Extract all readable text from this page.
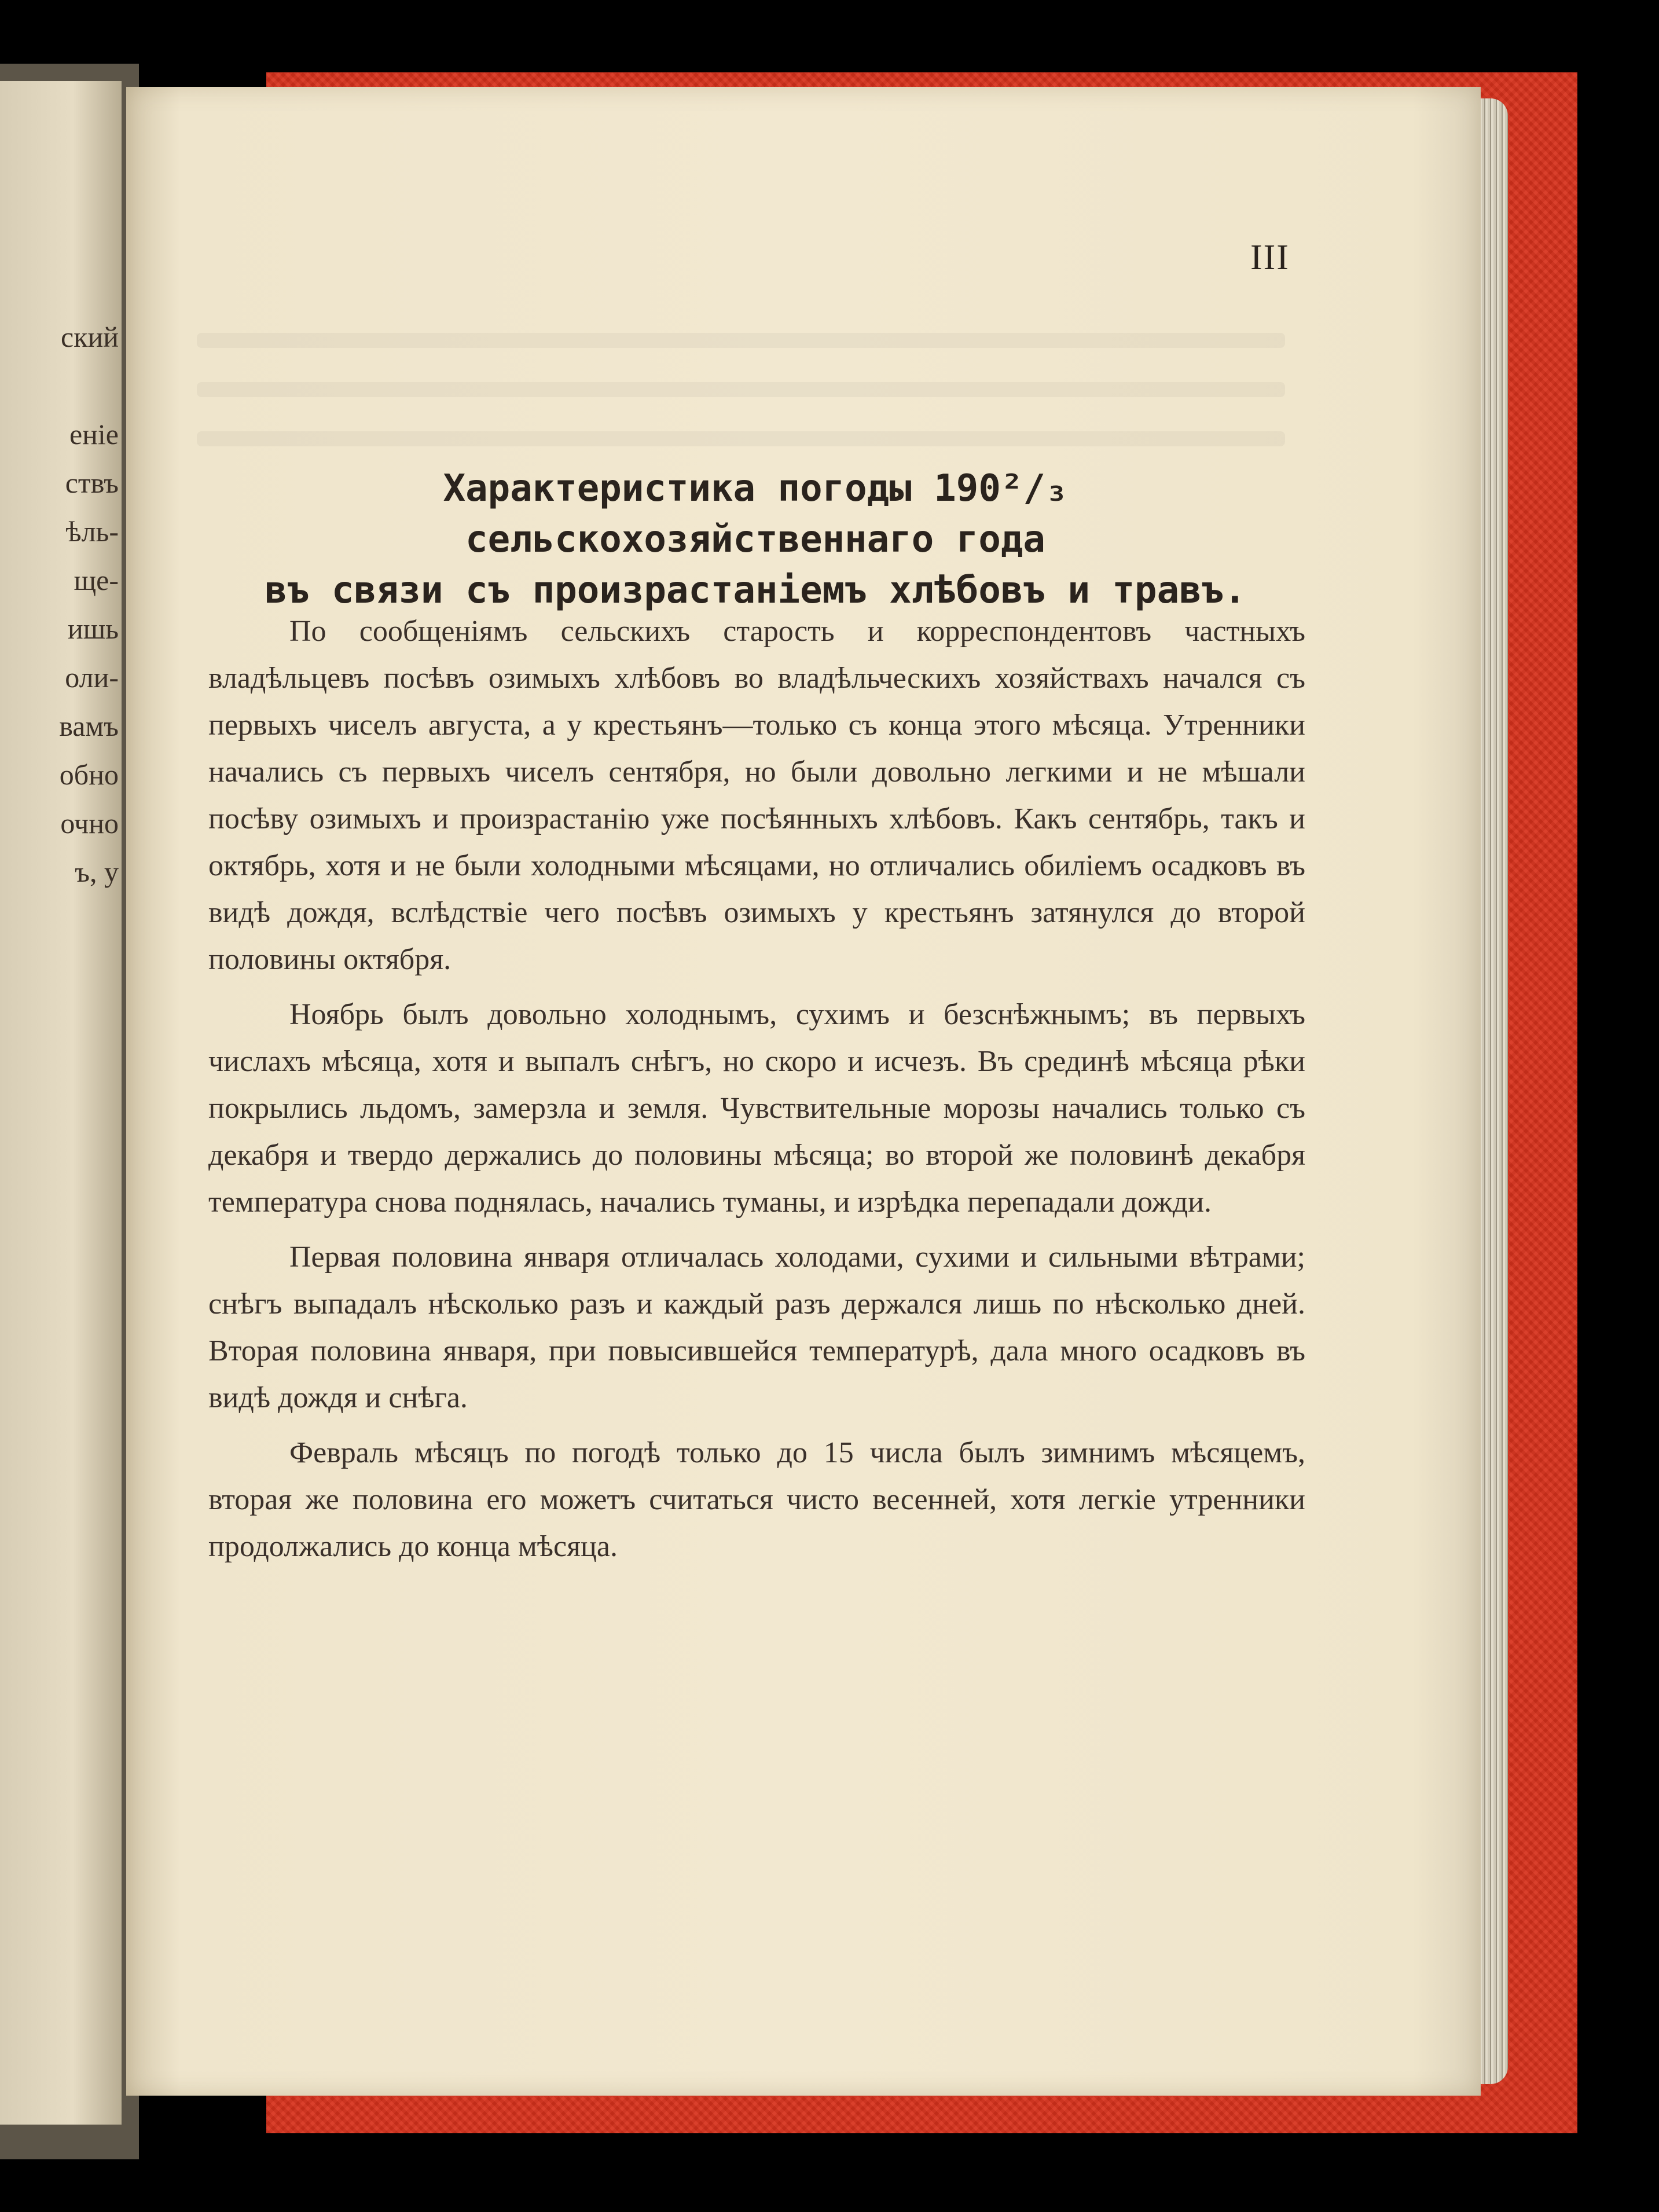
ский
еніе
ствъ
ѣль-
ще-
ишь
оли-
вамъ
обно
очно
ъ, у
III
Характеристика погоды 190²/₃ сельскохозяйственнаго года
въ связи съ произрастаніемъ хлѣбовъ и травъ.

По сообщеніямъ сельскихъ старость и корреспондентовъ частныхъ владѣльцевъ посѣвъ озимыхъ хлѣбовъ во владѣльческихъ хозяйствахъ начался съ первыхъ чиселъ августа, а у крестьянъ—только съ конца этого мѣсяца. Утренники начались съ первыхъ чиселъ сентября, но были довольно легкими и не мѣшали посѣву озимыхъ и произрастанію уже посѣянныхъ хлѣбовъ. Какъ сентябрь, такъ и октябрь, хотя и не были холодными мѣсяцами, но отличались обиліемъ осадковъ въ видѣ дождя, вслѣдствіе чего посѣвъ озимыхъ у крестьянъ затянулся до второй половины октября.

Ноябрь былъ довольно холоднымъ, сухимъ и безснѣжнымъ; въ первыхъ числахъ мѣсяца, хотя и выпалъ снѣгъ, но скоро и исчезъ. Въ срединѣ мѣсяца рѣки покрылись льдомъ, замерзла и земля. Чувствительные морозы начались только съ декабря и твердо держались до половины мѣсяца; во второй же половинѣ декабря температура снова поднялась, начались туманы, и изрѣдка перепадали дожди.

Первая половина января отличалась холодами, сухими и сильными вѣтрами; снѣгъ выпадалъ нѣсколько разъ и каждый разъ держался лишь по нѣсколько дней. Вторая половина января, при повысившейся температурѣ, дала много осадковъ въ видѣ дождя и снѣга.

Февраль мѣсяцъ по погодѣ только до 15 числа былъ зимнимъ мѣсяцемъ, вторая же половина его можетъ считаться чисто весенней, хотя легкіе утренники продолжались до конца мѣсяца.
